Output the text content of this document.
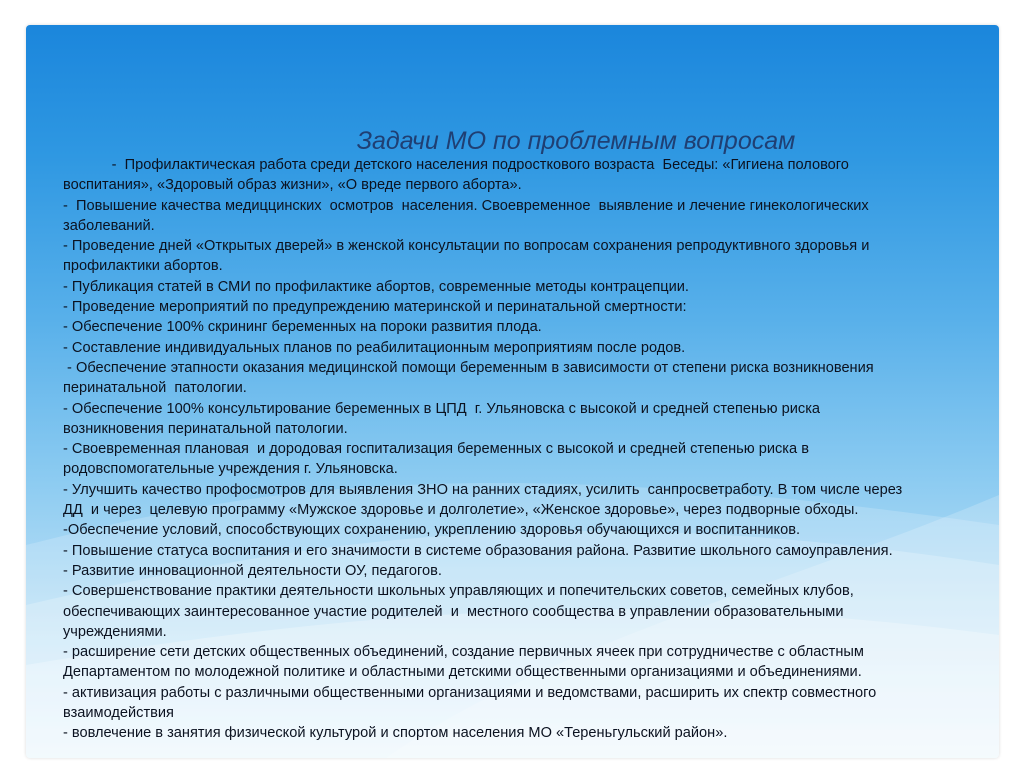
Задачи МО по проблемным вопросам
-  Профилактическая работа среди детского населения подросткового возраста  Беседы: «Гигиена полового
воспитания», «Здоровый образ жизни», «О вреде первого аборта».
-  Повышение качества медиццинских  осмотров  населения. Своевременное  выявление и лечение гинекологических
заболеваний.
- Проведение дней «Открытых дверей» в женской консультации по вопросам сохранения репродуктивного здоровья и
профилактики абортов.
- Публикация статей в СМИ по профилактике абортов, современные методы контрацепции.
- Проведение мероприятий по предупреждению материнской и перинатальной смертности:
- Обеспечение 100% скрининг беременных на пороки развития плода.
- Составление индивидуальных планов по реабилитационным мероприятиям после родов.
- Обеспечение этапности оказания медицинской помощи беременным в зависимости от степени риска возникновения
перинатальной  патологии.
- Обеспечение 100% консультирование беременных в ЦПД  г. Ульяновска с высокой и средней степенью риска
возникновения перинатальной патологии.
- Своевременная плановая  и дородовая госпитализация беременных с высокой и средней степенью риска в
родовспомогательные учреждения г. Ульяновска.
- Улучшить качество профосмотров для выявления ЗНО на ранних стадиях, усилить  санпросветработу. В том числе через
ДД  и через  целевую программу «Мужское здоровье и долголетие», «Женское здоровье», через подворные обходы.
-Обеспечение условий, способствующих сохранению, укреплению здоровья обучающихся и воспитанников.
- Повышение статуса воспитания и его значимости в системе образования района. Развитие школьного самоуправления.
- Развитие инновационной деятельности ОУ, педагогов.
- Совершенствование практики деятельности школьных управляющих и попечительских советов, семейных клубов,
обеспечивающих заинтересованное участие родителей  и  местного сообщества в управлении образовательными
учреждениями.
- расширение сети детских общественных объединений, создание первичных ячеек при сотрудничестве с областным
Департаментом по молодежной политике и областными детскими общественными организациями и объединениями.
- активизация работы с различными общественными организациями и ведомствами, расширить их спектр совместного
взаимодействия
- вовлечение в занятия физической культурой и спортом населения МО «Тереньгульский район».
